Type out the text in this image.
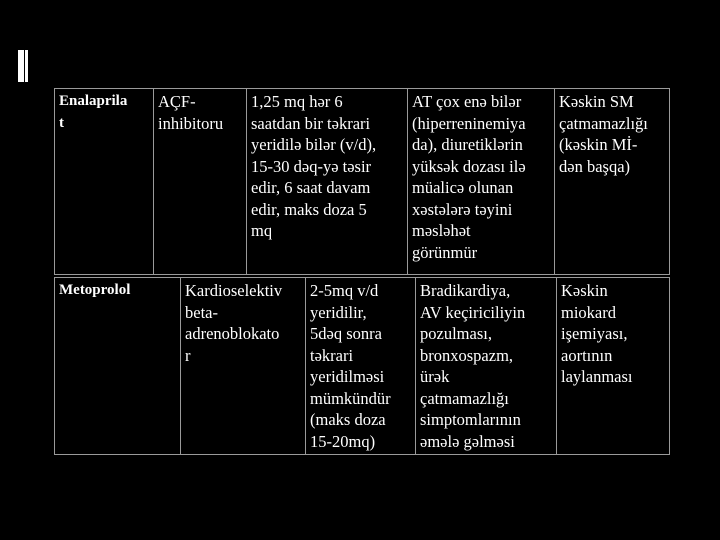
Enalaprila
t
AÇF-
inhibitoru
1,25 mq hər 6
saatdan bir təkrari
yeridilə bilər (v/d),
15-30 dəq-yə təsir
edir, 6 saat davam
edir, maks doza 5
mq
AT çox enə bilər
(hiperreninemiya
da), diuretiklərin
yüksək dozası ilə
müalicə olunan
xəstələrə təyini
məsləhət
görünmür
Kəskin SM
çatmamazlığı
(kəskin Mİ-
dən başqa)
Metoprolol	Kardioselektiv
beta-
adrenoblokato
r
2-5mq v/d
yeridilir,
5dəq sonra
təkrari
yeridilməsi
mümkündür
(maks doza
15-20mq)
Bradikardiya,
AV keçiriciliyin
pozulması,
bronxospazm,
ürək
çatmamazlığı
simptomlarının
əmələ gəlməsi
Kəskin
miokard
işemiyası,
aortının
laylanması
